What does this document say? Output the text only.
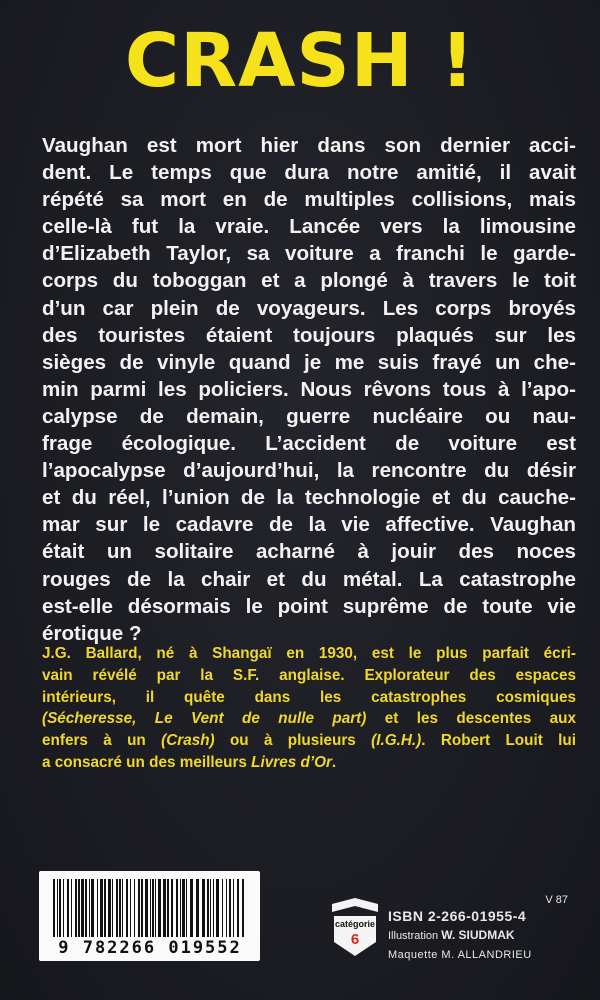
CRASH !
Vaughan est mort hier dans son dernier acci-
dent. Le temps que dura notre amitié, il avait
répété sa mort en de multiples collisions, mais
celle-là fut la vraie. Lancée vers la limousine
d’Elizabeth Taylor, sa voiture a franchi le garde-
corps du toboggan et a plongé à travers le toit
d’un car plein de voyageurs. Les corps broyés
des touristes étaient toujours plaqués sur les
sièges de vinyle quand je me suis frayé un che-
min parmi les policiers. Nous rêvons tous à l’apo-
calypse de demain, guerre nucléaire ou nau-
frage écologique. L’accident de voiture est
l’apocalypse d’aujourd’hui, la rencontre du désir
et du réel, l’union de la technologie et du cauche-
mar sur le cadavre de la vie affective. Vaughan
était un solitaire acharné à jouir des noces
rouges de la chair et du métal. La catastrophe
est-elle désormais le point suprême de toute vie
érotique ?
J.G. Ballard, né à Shangaï en 1930, est le plus parfait écri-
vain révélé par la S.F. anglaise. Explorateur des espaces
intérieurs, il quête dans les catastrophes cosmiques
(Sécheresse, Le Vent de nulle part) et les descentes aux
enfers à un (Crash) ou à plusieurs (I.G.H.). Robert Louit lui
a consacré un des meilleurs Livres d’Or.
9 782266 019552
catégorie
6
V 87
ISBN 2-266-01955-4
Illustration W. SIUDMAK
Maquette M. ALLANDRIEU
